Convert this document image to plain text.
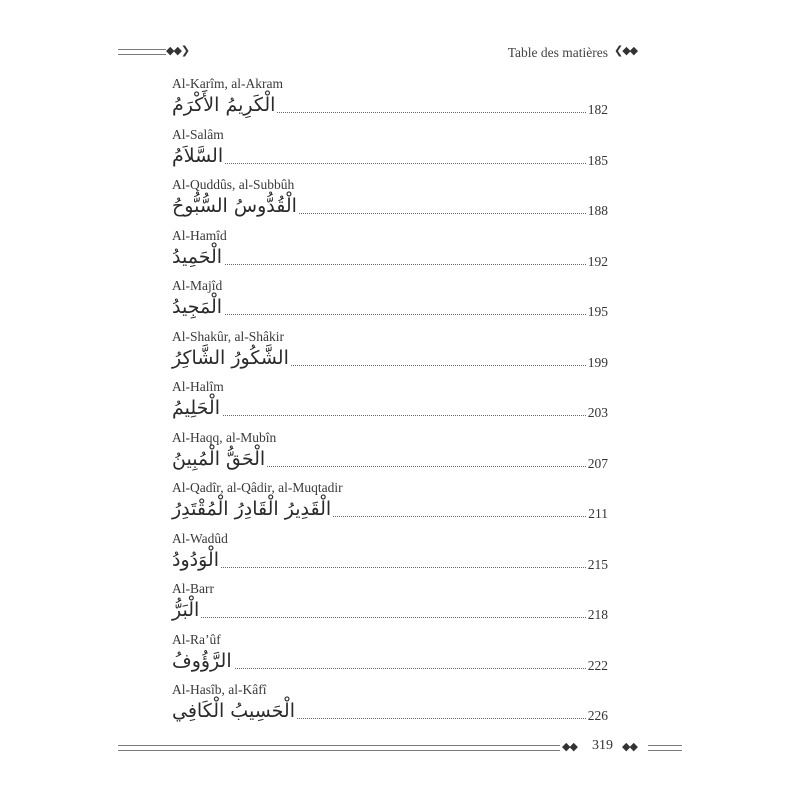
◆◆❯	Table des matières ❮◆◆
Al-Karîm, al-Akram
الْكَرِيمُ الأَكْرَمُ	182
Al-Salâm
السَّلاَمُ	185
Al-Quddûs, al-Subbûh
الْقُدُّوسُ السُّبُّوحُ	188
Al-Hamîd
الْحَمِيدُ	192
Al-Majîd
الْمَجِيدُ	195
Al-Shakûr, al-Shâkir
الشَّكُورُ الشَّاكِرُ	199
Al-Halîm
الْحَلِيمُ	203
Al-Haqq, al-Mubîn
الْحَقُّ الْمُبِينُ	207
Al-Qadîr, al-Qâdir, al-Muqtadir
الْقَدِيرُ الْقَادِرُ الْمُقْتَدِرُ	211
Al-Wadûd
الْوَدُودُ	215
Al-Barr
الْبَرُّ	218
Al-Ra’ûf
الرَّؤُوفُ	222
Al-Hasîb, al-Kâfî
الْحَسِيبُ الْكَافِي	226
◆◆ 319 ◆◆
